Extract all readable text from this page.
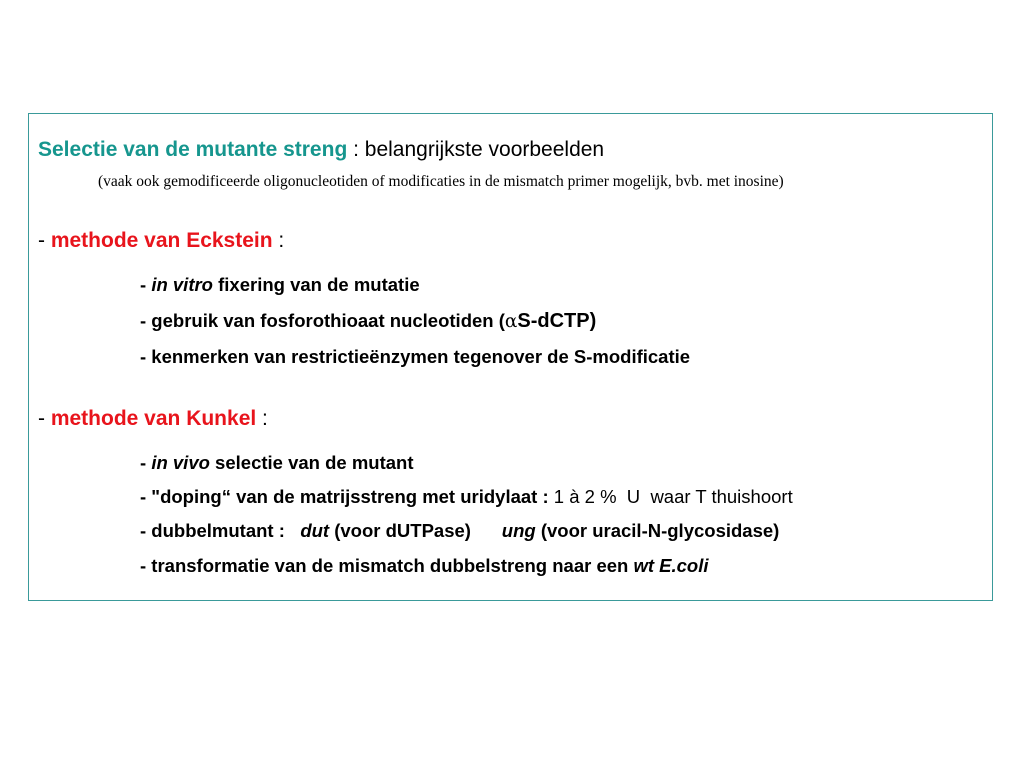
Selectie van de mutante streng : belangrijkste voorbeelden
(vaak ook gemodificeerde oligonucleotiden of modificaties in de mismatch primer mogelijk, bvb. met inosine)
- methode van Eckstein :
- in vitro fixering van de mutatie
- gebruik van fosforothioaat nucleotiden (αS-dCTP)
- kenmerken van restrictieënzymen tegenover de S-modificatie
- methode van Kunkel :
- in vivo selectie van de mutant
- "doping“ van de matrijsstreng met uridylaat : 1 à 2 %  U  waar T thuishoort
- dubbelmutant :   dut (voor dUTPase)      ung (voor uracil-N-glycosidase)
- transformatie van de mismatch dubbelstreng naar een wt E.coli
